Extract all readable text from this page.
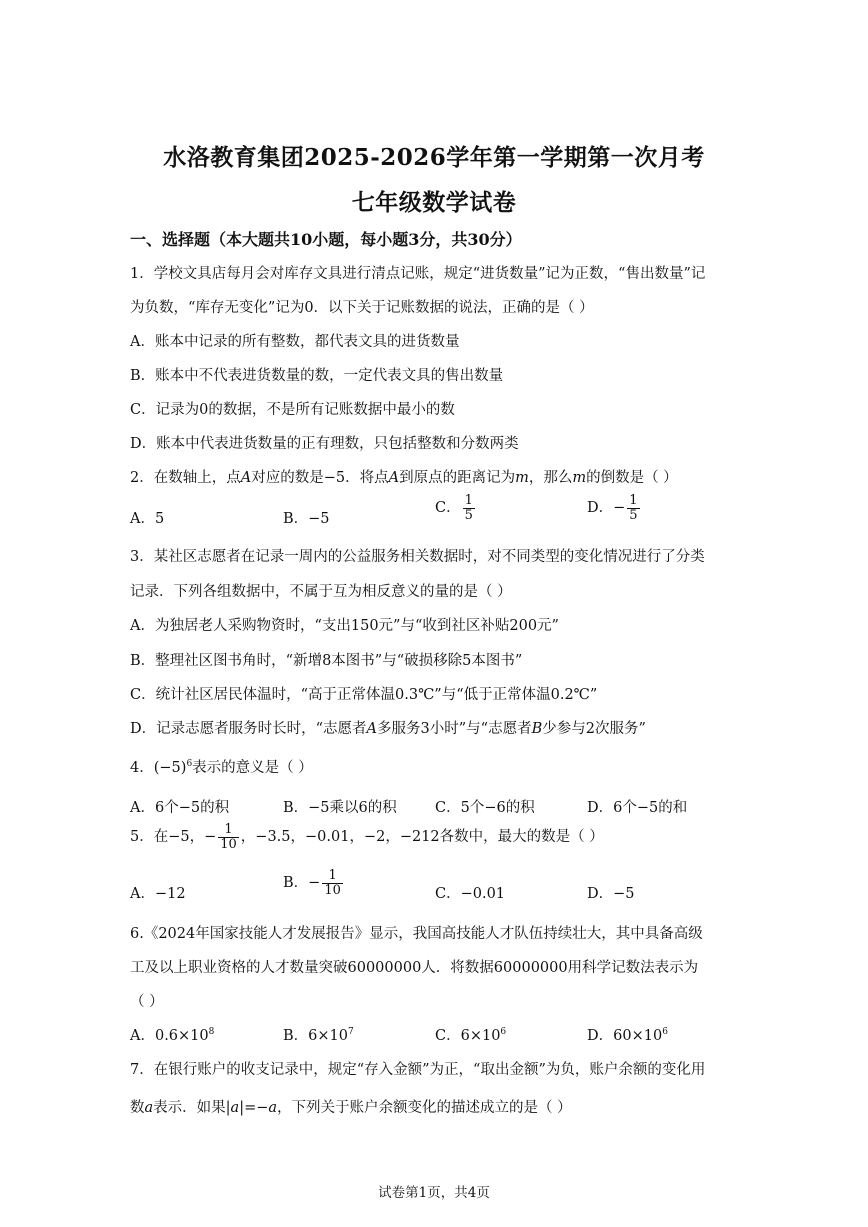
水洛教育集团2025-2026学年第一学期第一次月考
七年级数学试卷
一、选择题（本大题共10小题，每小题3分，共30分）
1．学校文具店每月会对库存文具进行清点记账，规定“进货数量”记为正数，“售出数量”记
为负数，“库存无变化”记为0．以下关于记账数据的说法，正确的是（ ）
A．账本中记录的所有整数，都代表文具的进货数量
B．账本中不代表进货数量的数，一定代表文具的售出数量
C．记录为0的数据，不是所有记账数据中最小的数
D．账本中代表进货数量的正有理数，只包括整数和分数两类
2．在数轴上，点A对应的数是−5．将点A到原点的距离记为m，那么m的倒数是（ ）
A．5	B．−5
C． $\frac{1}{5}$	D．− $\frac{1}{5}$
3．某社区志愿者在记录一周内的公益服务相关数据时，对不同类型的变化情况进行了分类
记录．下列各组数据中，不属于互为相反意义的量的是（ ）
A．为独居老人采购物资时，“支出150元”与“收到社区补贴200元”
B．整理社区图书角时，“新增8本图书”与“破损移除5本图书”
C．统计社区居民体温时，“高于正常体温0.3℃”与“低于正常体温0.2℃”
D．记录志愿者服务时长时，“志愿者A多服务3小时”与“志愿者B少参与2次服务”
4．$(-5)^6$表示的意义是（ ）
A．6个−5的积	B．−5乘以6的积	C．5个−6的积	D．6个−5的和
5．在−5，− $\frac{1}{10}$ ，−3.5，−0.01，−2，−212各数中，最大的数是（ ）
A．−12
B．− $\frac{1}{10}$	C．−0.01	D．−5
6.《2024年国家技能人才发展报告》显示，我国高技能人才队伍持续壮大，其中具备高级
工及以上职业资格的人才数量突破60000000人．将数据60000000用科学记数法表示为
（ ）
A．$0.6\times 10^8$	B．$6\times 10^7$	C．$6\times 10^6$	D．$60\times 10^6$
7．在银行账户的收支记录中，规定“存入金额”为正，“取出金额”为负，账户余额的变化用
数a表示．如果|a|=−a，下列关于账户余额变化的描述成立的是（ ）
试卷第1页，共4页
